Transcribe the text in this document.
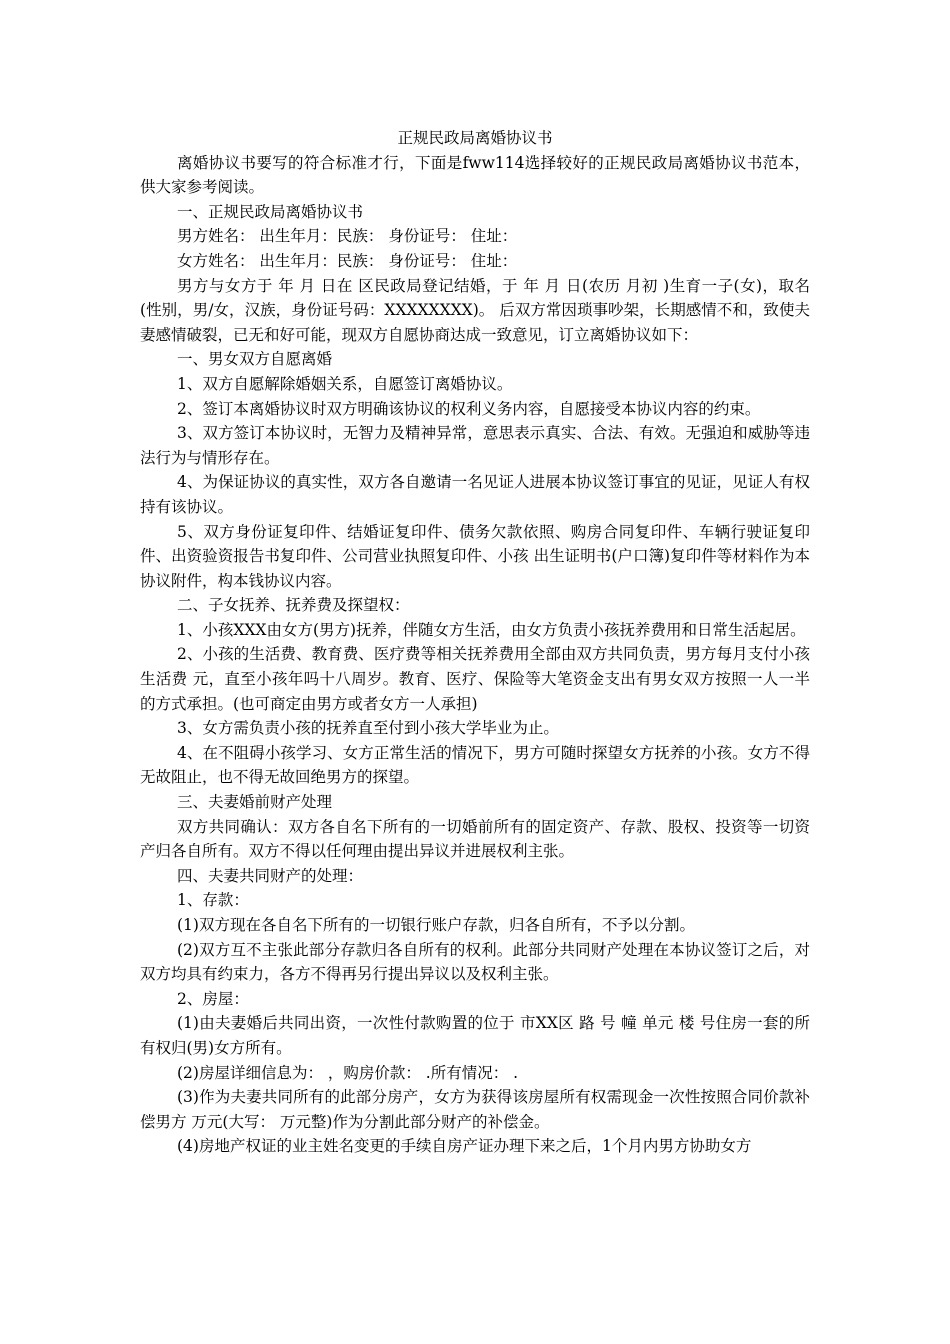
正规民政局离婚协议书

离婚协议书要写的符合标准才行，下面是fww114选择较好的正规民政局离婚协议书范本，供大家参考阅读。

一、正规民政局离婚协议书

男方姓名： 出生年月：民族： 身份证号： 住址：

女方姓名： 出生年月：民族： 身份证号： 住址：

男方与女方于 年 月 日在 区民政局登记结婚，于 年 月 日(农历 月初 )生育一子(女)，取名 (性别，男/女，汉族，身份证号码：XXXXXXXX)。 后双方常因琐事吵架，长期感情不和，致使夫妻感情破裂，已无和好可能，现双方自愿协商达成一致意见，订立离婚协议如下：

一、男女双方自愿离婚

1、双方自愿解除婚姻关系，自愿签订离婚协议。

2、签订本离婚协议时双方明确该协议的权利义务内容，自愿接受本协议内容的约束。

3、双方签订本协议时，无智力及精神异常，意思表示真实、合法、有效。无强迫和威胁等违法行为与情形存在。

4、为保证协议的真实性，双方各自邀请一名见证人进展本协议签订事宜的见证，见证人有权持有该协议。

5、双方身份证复印件、结婚证复印件、债务欠款依照、购房合同复印件、车辆行驶证复印件、出资验资报告书复印件、公司营业执照复印件、小孩 出生证明书(户口簿)复印件等材料作为本协议附件，构本钱协议内容。

二、子女抚养、抚养费及探望权：

1、小孩XXX由女方(男方)抚养，伴随女方生活，由女方负责小孩抚养费用和日常生活起居。

2、小孩的生活费、教育费、医疗费等相关抚养费用全部由双方共同负责，男方每月支付小孩生活费 元，直至小孩年吗十八周岁。教育、医疗、保险等大笔资金支出有男女双方按照一人一半的方式承担。(也可商定由男方或者女方一人承担)

3、女方需负责小孩的抚养直至付到小孩大学毕业为止。

4、在不阻碍小孩学习、女方正常生活的情况下，男方可随时探望女方抚养的小孩。女方不得无故阻止，也不得无故回绝男方的探望。

三、夫妻婚前财产处理

双方共同确认：双方各自名下所有的一切婚前所有的固定资产、存款、股权、投资等一切资产归各自所有。双方不得以任何理由提出异议并进展权利主张。

四、夫妻共同财产的处理：

1、存款：

(1)双方现在各自名下所有的一切银行账户存款，归各自所有，不予以分割。

(2)双方互不主张此部分存款归各自所有的权利。此部分共同财产处理在本协议签订之后，对双方均具有约束力，各方不得再另行提出异议以及权利主张。

2、房屋：

(1)由夫妻婚后共同出资，一次性付款购置的位于 市XX区 路 号 幢 单元 楼 号住房一套的所有权归(男)女方所有。

(2)房屋详细信息为： ，购房价款： .所有情况： .

(3)作为夫妻共同所有的此部分房产，女方为获得该房屋所有权需现金一次性按照合同价款补偿男方 万元(大写： 万元整)作为分割此部分财产的补偿金。

(4)房地产权证的业主姓名变更的手续自房产证办理下来之后，1个月内男方协助女方
